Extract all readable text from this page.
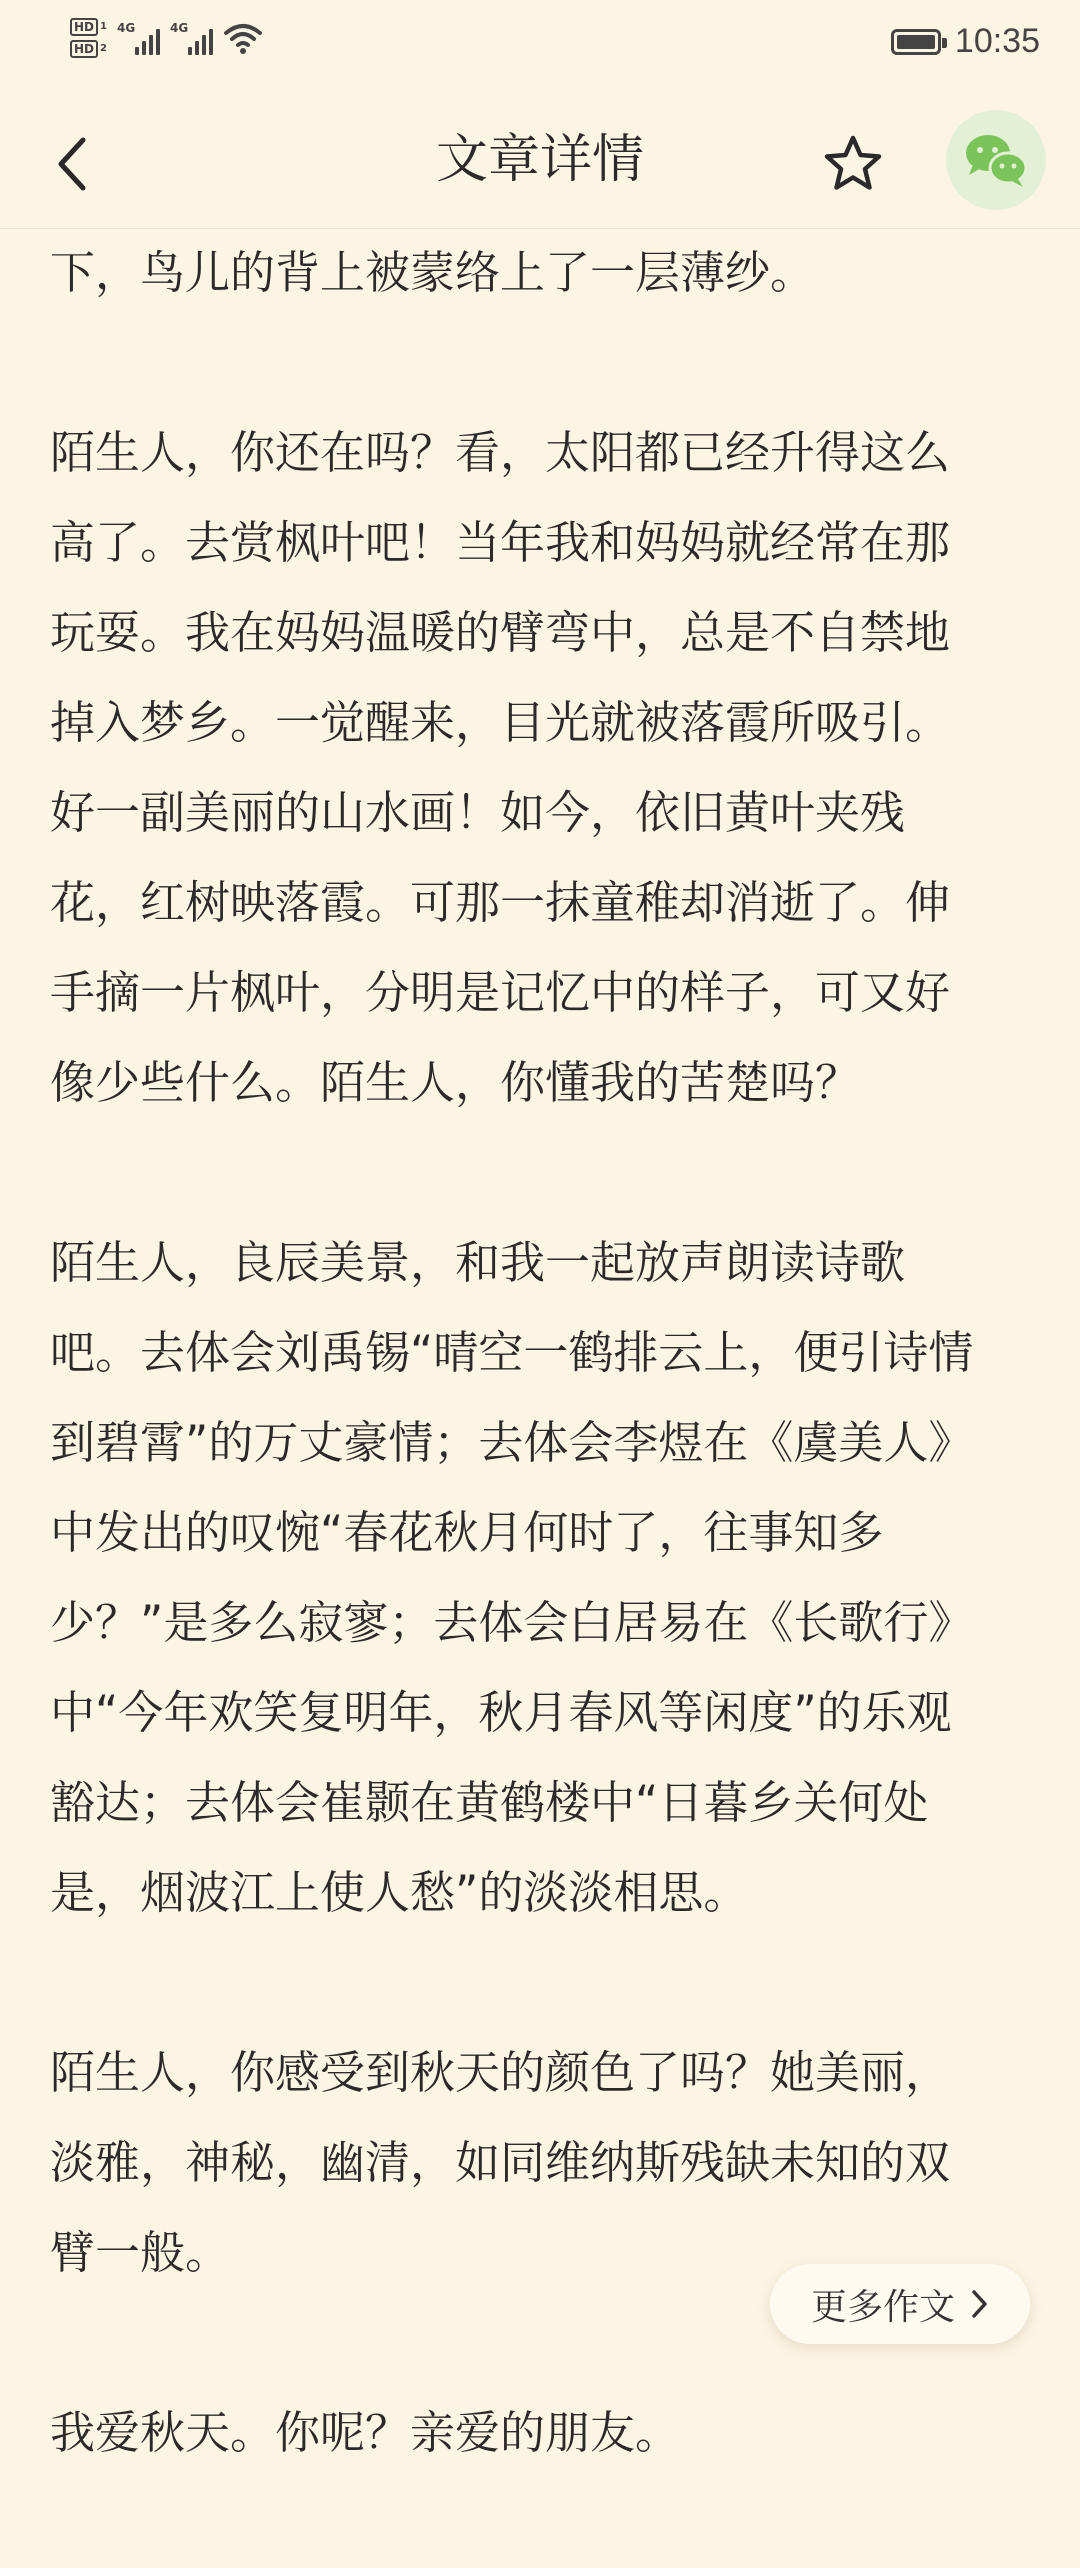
HD 1
HD 2
4G	4G	10:35
文章详情
下，鸟儿的背上被蒙络上了一层薄纱。
陌生人，你还在吗？看，太阳都已经升得这么
高了。去赏枫叶吧！当年我和妈妈就经常在那
玩耍。我在妈妈温暖的臂弯中，总是不自禁地
掉入梦乡。一觉醒来，目光就被落霞所吸引。
好一副美丽的山水画！如今，依旧黄叶夹残
花，红树映落霞。可那一抹童稚却消逝了。伸
手摘一片枫叶，分明是记忆中的样子，可又好
像少些什么。陌生人，你懂我的苦楚吗？
陌生人，良辰美景，和我一起放声朗读诗歌
吧。去体会刘禹锡“晴空一鹤排云上，便引诗情
到碧霄”的万丈豪情；去体会李煜在《虞美人》
中发出的叹惋“春花秋月何时了，往事知多
少？”是多么寂寥；去体会白居易在《长歌行》
中“今年欢笑复明年，秋月春风等闲度”的乐观
豁达；去体会崔颢在黄鹤楼中“日暮乡关何处
是，烟波江上使人愁”的淡淡相思。
陌生人，你感受到秋天的颜色了吗？她美丽，
淡雅，神秘，幽清，如同维纳斯残缺未知的双
臂一般。
我爱秋天。你呢？亲爱的朋友。
更多作文
